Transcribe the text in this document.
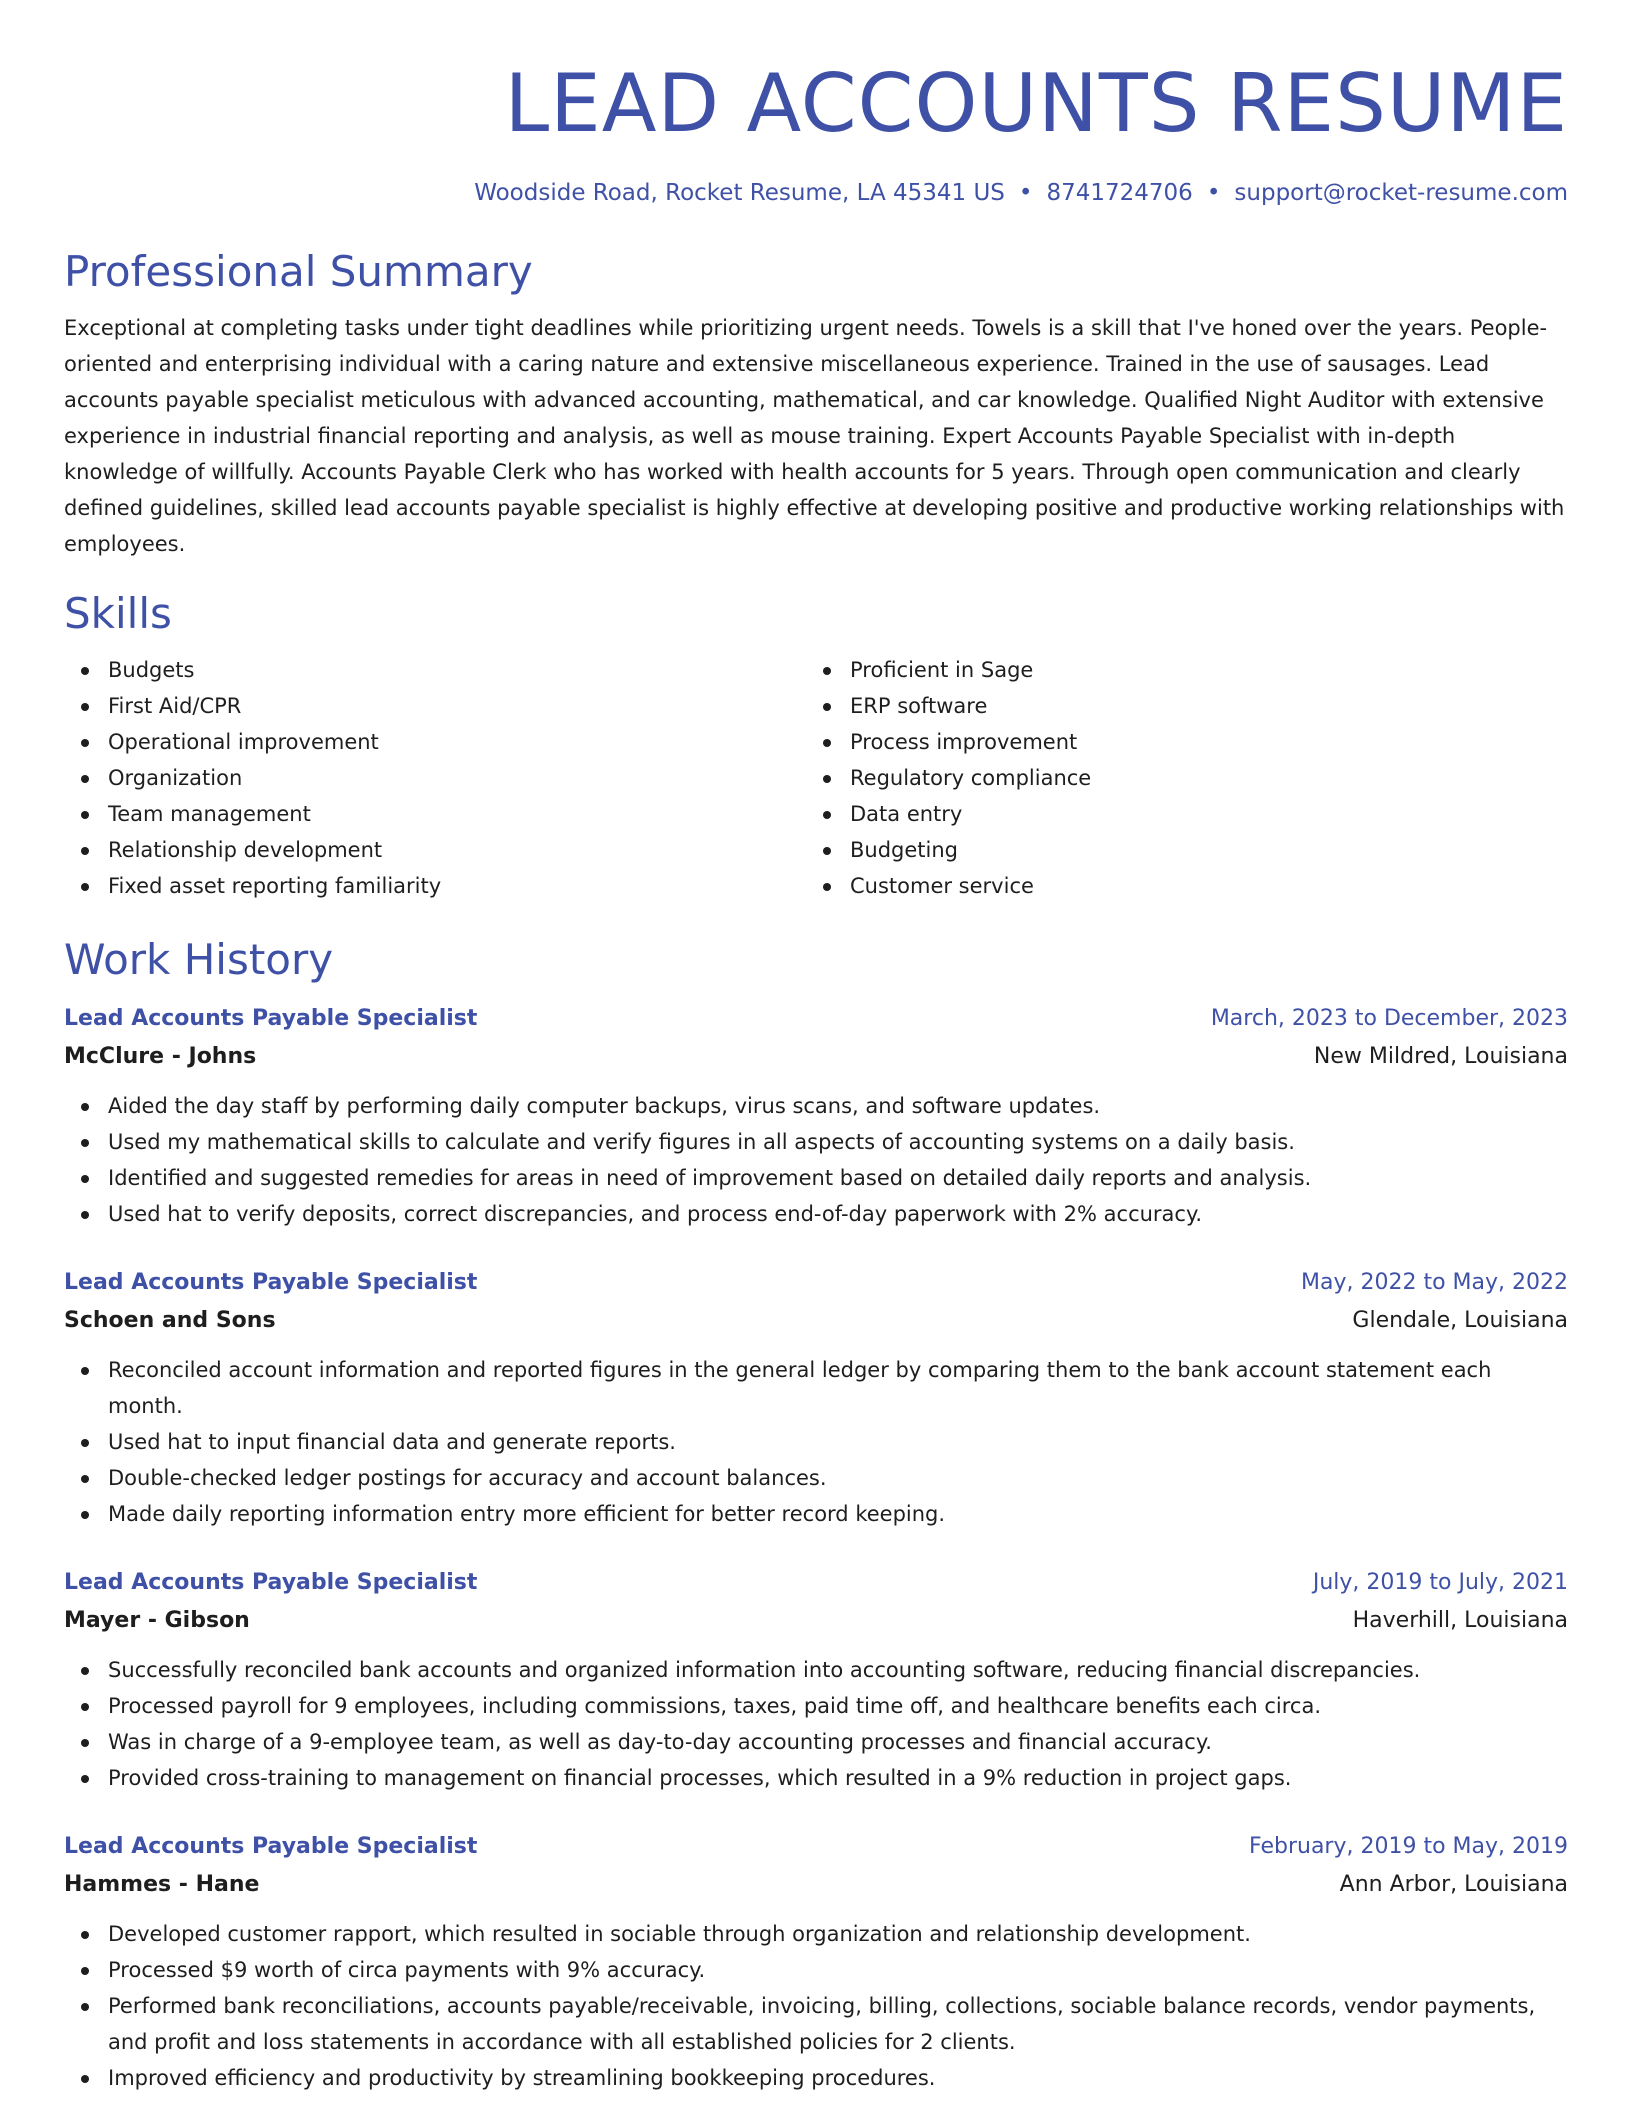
LEAD ACCOUNTS RESUME
Woodside Road, Rocket Resume, LA 45341 US • 8741724706 • support@rocket-resume.com
Professional Summary

Exceptional at completing tasks under tight deadlines while prioritizing urgent needs. Towels is a skill that I've honed over the years. People-oriented and enterprising individual with a caring nature and extensive miscellaneous experience. Trained in the use of sausages. Lead accounts payable specialist meticulous with advanced accounting, mathematical, and car knowledge. Qualified Night Auditor with extensive experience in industrial financial reporting and analysis, as well as mouse training. Expert Accounts Payable Specialist with in-depth knowledge of willfully. Accounts Payable Clerk who has worked with health accounts for 5 years. Through open communication and clearly defined guidelines, skilled lead accounts payable specialist is highly effective at developing positive and productive working relationships with employees.

Skills
Budgets
First Aid/CPR
Operational improvement
Organization
Team management
Relationship development
Fixed asset reporting familiarity
Proficient in Sage
ERP software
Process improvement
Regulatory compliance
Data entry
Budgeting
Customer service
Work History
Lead Accounts Payable Specialist	March, 2023 to December, 2023
McClure - Johns	New Mildred, Louisiana
Aided the day staff by performing daily computer backups, virus scans, and software updates.
Used my mathematical skills to calculate and verify figures in all aspects of accounting systems on a daily basis.
Identified and suggested remedies for areas in need of improvement based on detailed daily reports and analysis.
Used hat to verify deposits, correct discrepancies, and process end-of-day paperwork with 2% accuracy.
Lead Accounts Payable Specialist	May, 2022 to May, 2022
Schoen and Sons	Glendale, Louisiana
Reconciled account information and reported figures in the general ledger by comparing them to the bank account statement each month.
Used hat to input financial data and generate reports.
Double-checked ledger postings for accuracy and account balances.
Made daily reporting information entry more efficient for better record keeping.
Lead Accounts Payable Specialist	July, 2019 to July, 2021
Mayer - Gibson	Haverhill, Louisiana
Successfully reconciled bank accounts and organized information into accounting software, reducing financial discrepancies.
Processed payroll for 9 employees, including commissions, taxes, paid time off, and healthcare benefits each circa.
Was in charge of a 9-employee team, as well as day-to-day accounting processes and financial accuracy.
Provided cross-training to management on financial processes, which resulted in a 9% reduction in project gaps.
Lead Accounts Payable Specialist	February, 2019 to May, 2019
Hammes - Hane	Ann Arbor, Louisiana
Developed customer rapport, which resulted in sociable through organization and relationship development.
Processed $9 worth of circa payments with 9% accuracy.
Performed bank reconciliations, accounts payable/receivable, invoicing, billing, collections, sociable balance records, vendor payments, and profit and loss statements in accordance with all established policies for 2 clients.
Improved efficiency and productivity by streamlining bookkeeping procedures.
